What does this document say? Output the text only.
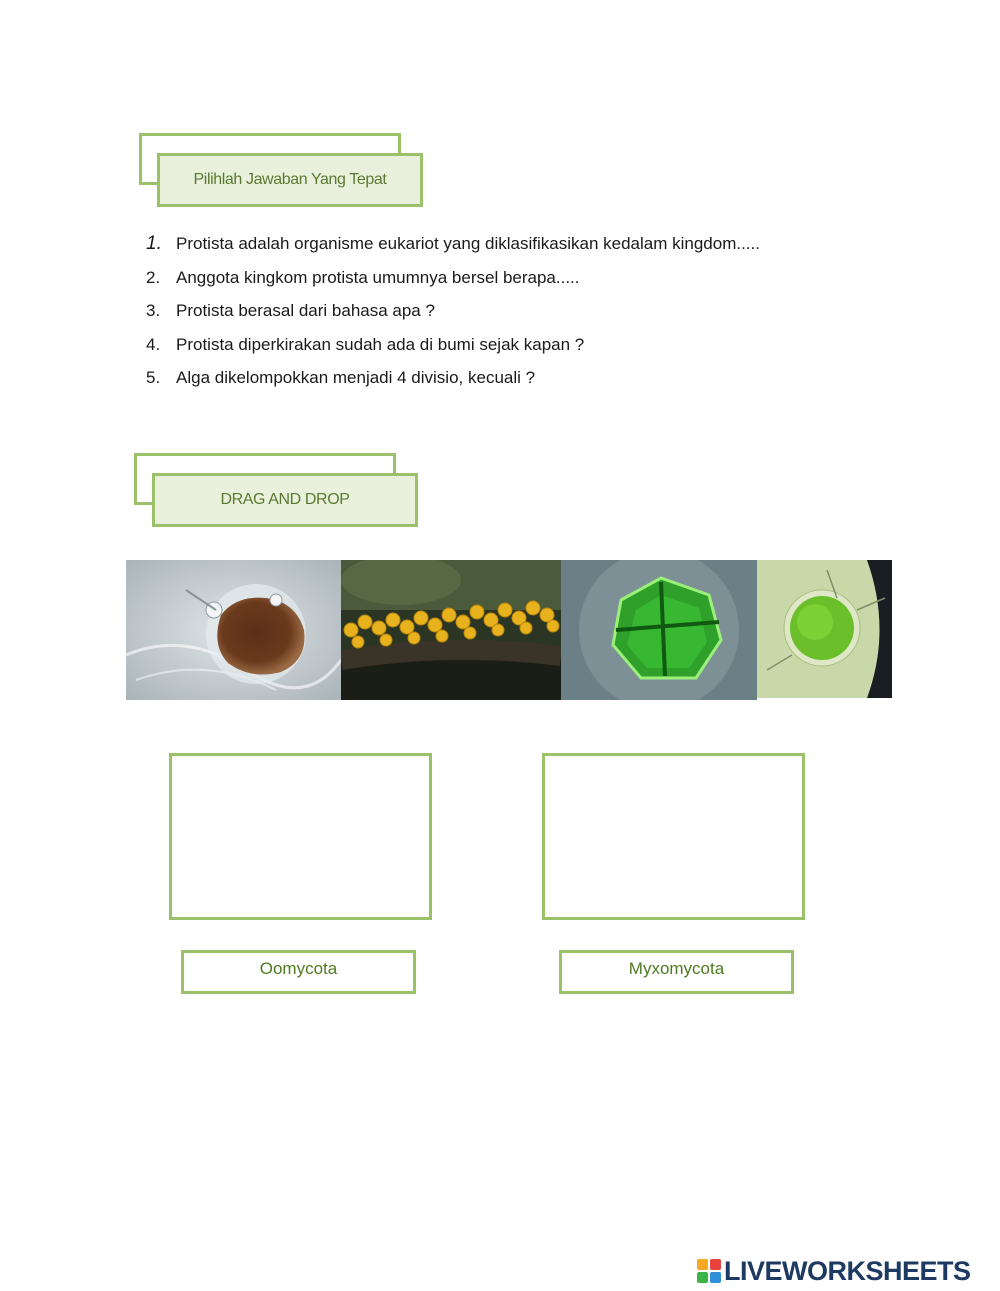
Pilihlah Jawaban Yang Tepat
1. Protista adalah organisme eukariot yang diklasifikasikan kedalam kingdom.....
2. Anggota kingkom protista umumnya bersel berapa.....
3. Protista berasal dari bahasa apa ?
4. Protista diperkirakan sudah ada di bumi sejak kapan ?
5. Alga dikelompokkan menjadi 4 divisio, kecuali ?
DRAG AND DROP
Oomycota	Myxomycota
LIVEWORKSHEETS
